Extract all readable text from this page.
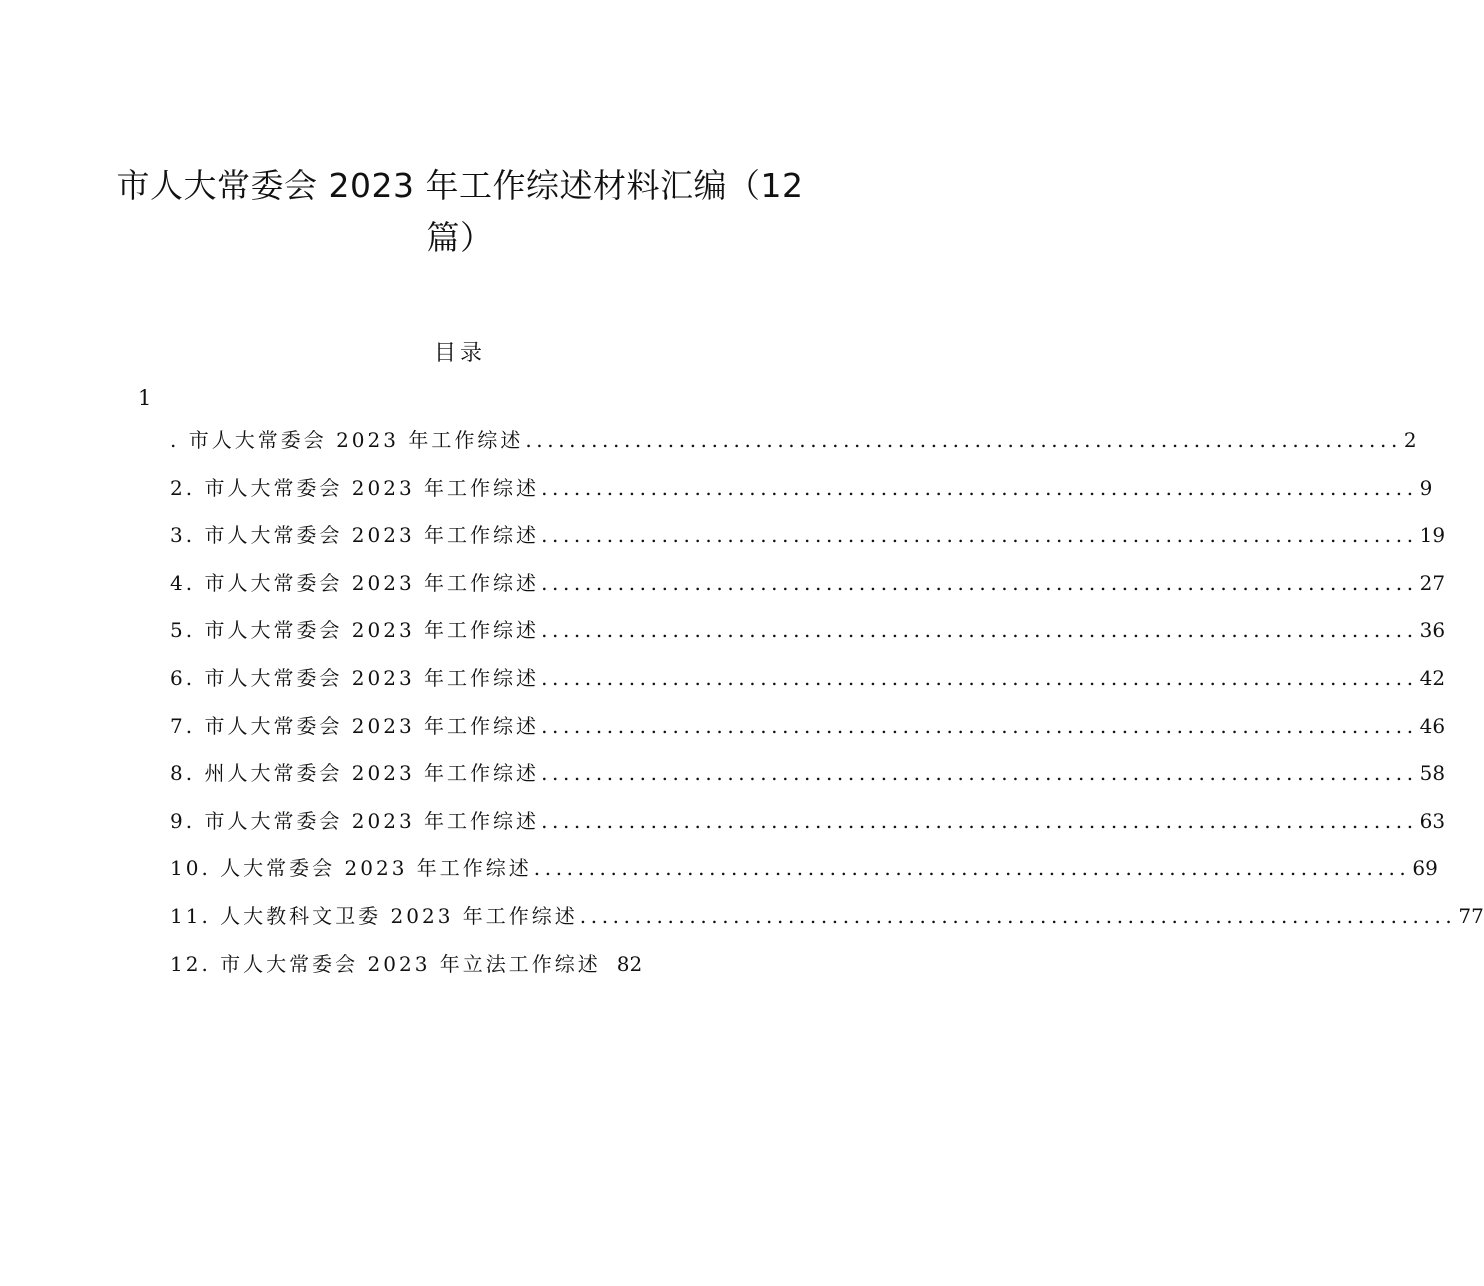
市人大常委会 2023 年工作综述材料汇编（12
篇）
目录
1
. 市人大常委会 2023 年工作综述 ................................................................................ 2
2. 市人大常委会 2023 年工作综述 ................................................................................ 9
3. 市人大常委会 2023 年工作综述 ................................................................................ 19
4. 市人大常委会 2023 年工作综述 ................................................................................ 27
5. 市人大常委会 2023 年工作综述 ................................................................................ 36
6. 市人大常委会 2023 年工作综述 ................................................................................ 42
7. 市人大常委会 2023 年工作综述 ................................................................................ 46
8. 州人大常委会 2023 年工作综述 ................................................................................ 58
9. 市人大常委会 2023 年工作综述 ................................................................................ 63
10. 人大常委会 2023 年工作综述 ................................................................................ 69
11. 人大教科文卫委 2023 年工作综述 ................................................................................ 77
12. 市人大常委会 2023 年立法工作综述 82
